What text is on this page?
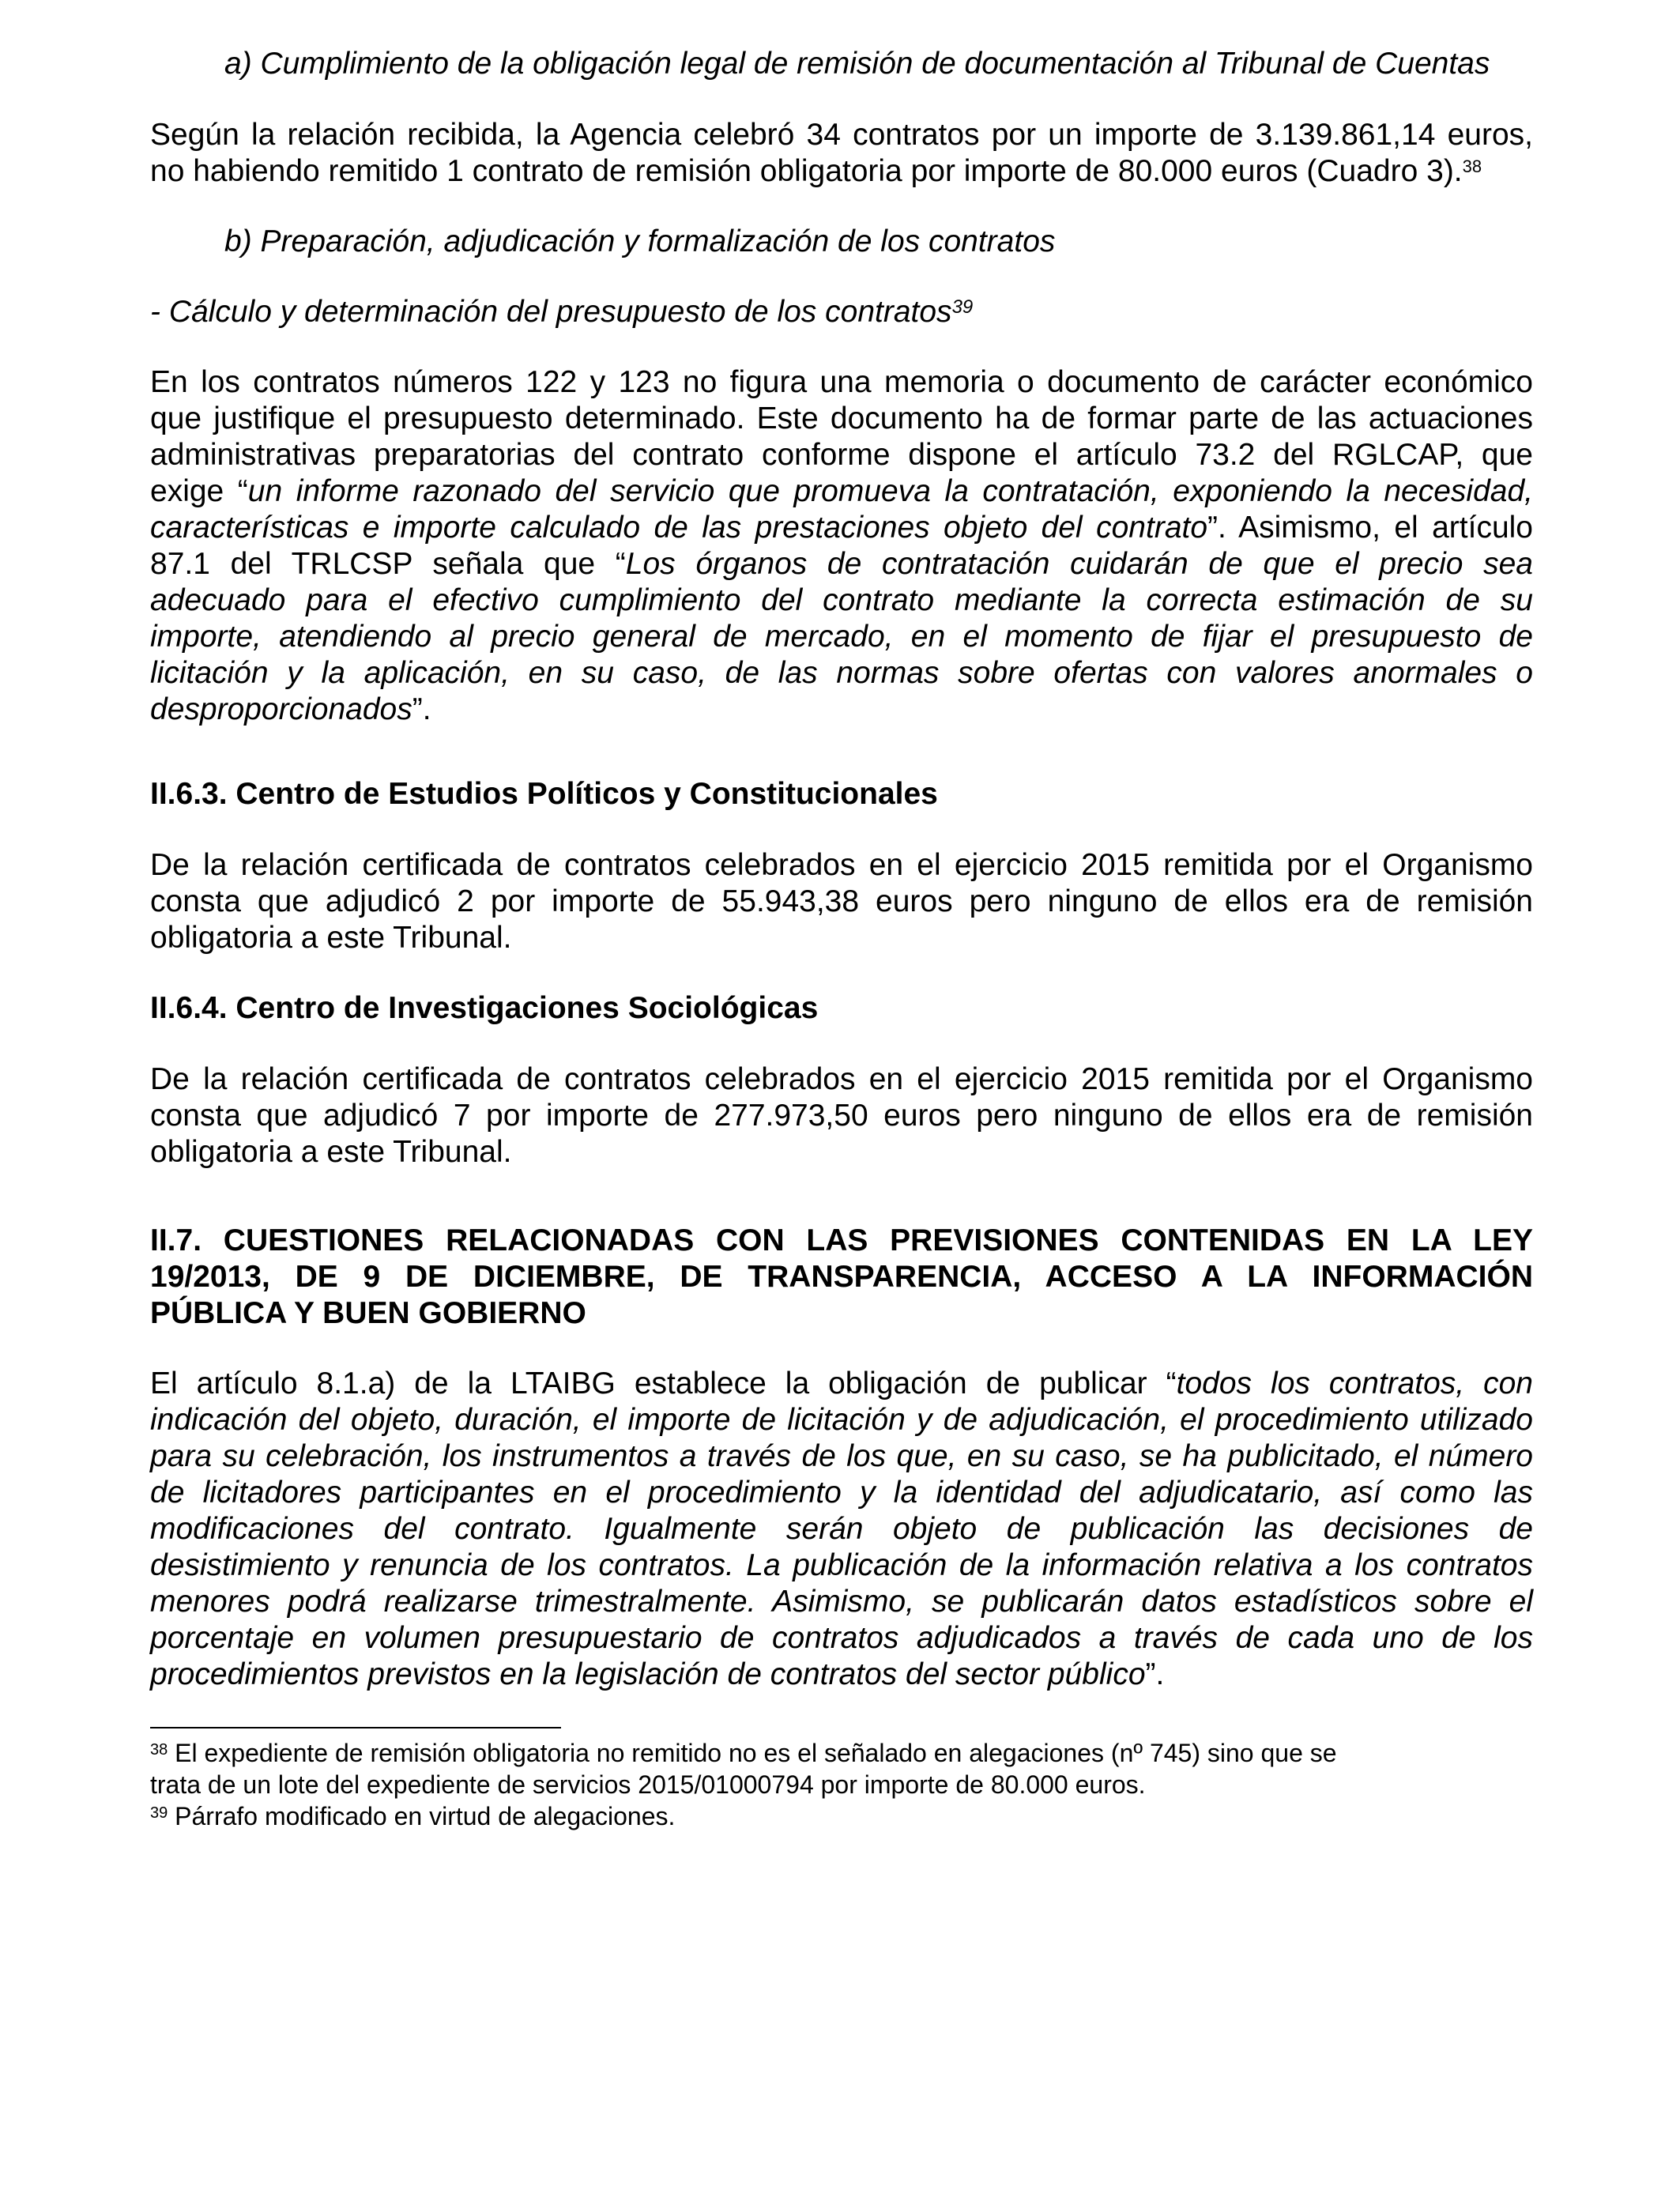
a) Cumplimiento de la obligación legal de remisión de documentación al Tribunal de Cuentas

Según la relación recibida, la Agencia celebró 34 contratos por un importe de 3.139.861,14 euros,
no habiendo remitido 1 contrato de remisión obligatoria por importe de 80.000 euros (Cuadro 3).$^{38}$

b) Preparación, adjudicación y formalización de los contratos

- Cálculo y determinación del presupuesto de los contratos$^{39}$

En los contratos números 122 y 123 no figura una memoria o documento de carácter económico
que justifique el presupuesto determinado. Este documento ha de formar parte de las actuaciones
administrativas preparatorias del contrato conforme dispone el artículo 73.2 del RGLCAP, que
exige “un informe razonado del servicio que promueva la contratación, exponiendo la necesidad,
características e importe calculado de las prestaciones objeto del contrato”. Asimismo, el artículo
87.1 del TRLCSP señala que “Los órganos de contratación cuidarán de que el precio sea
adecuado para el efectivo cumplimiento del contrato mediante la correcta estimación de su
importe, atendiendo al precio general de mercado, en el momento de fijar el presupuesto de
licitación y la aplicación, en su caso, de las normas sobre ofertas con valores anormales o
desproporcionados”.

II.6.3. Centro de Estudios Políticos y Constitucionales

De la relación certificada de contratos celebrados en el ejercicio 2015 remitida por el Organismo
consta que adjudicó 2 por importe de 55.943,38 euros pero ninguno de ellos era de remisión
obligatoria a este Tribunal.

II.6.4. Centro de Investigaciones Sociológicas

De la relación certificada de contratos celebrados en el ejercicio 2015 remitida por el Organismo
consta que adjudicó 7 por importe de 277.973,50 euros pero ninguno de ellos era de remisión
obligatoria a este Tribunal.
II.7. CUESTIONES RELACIONADAS CON LAS PREVISIONES CONTENIDAS EN LA LEY
19/2013, DE 9 DE DICIEMBRE, DE TRANSPARENCIA, ACCESO A LA INFORMACIÓN
PÚBLICA Y BUEN GOBIERNO
El artículo 8.1.a) de la LTAIBG establece la obligación de publicar “todos los contratos, con
indicación del objeto, duración, el importe de licitación y de adjudicación, el procedimiento utilizado
para su celebración, los instrumentos a través de los que, en su caso, se ha publicitado, el número
de licitadores participantes en el procedimiento y la identidad del adjudicatario, así como las
modificaciones del contrato. Igualmente serán objeto de publicación las decisiones de
desistimiento y renuncia de los contratos. La publicación de la información relativa a los contratos
menores podrá realizarse trimestralmente. Asimismo, se publicarán datos estadísticos sobre el
porcentaje en volumen presupuestario de contratos adjudicados a través de cada uno de los
procedimientos previstos en la legislación de contratos del sector público”.
$^{38}$ El expediente de remisión obligatoria no remitido no es el señalado en alegaciones (nº 745) sino que se
trata de un lote del expediente de servicios 2015/01000794 por importe de 80.000 euros.
$^{39}$ Párrafo modificado en virtud de alegaciones.
